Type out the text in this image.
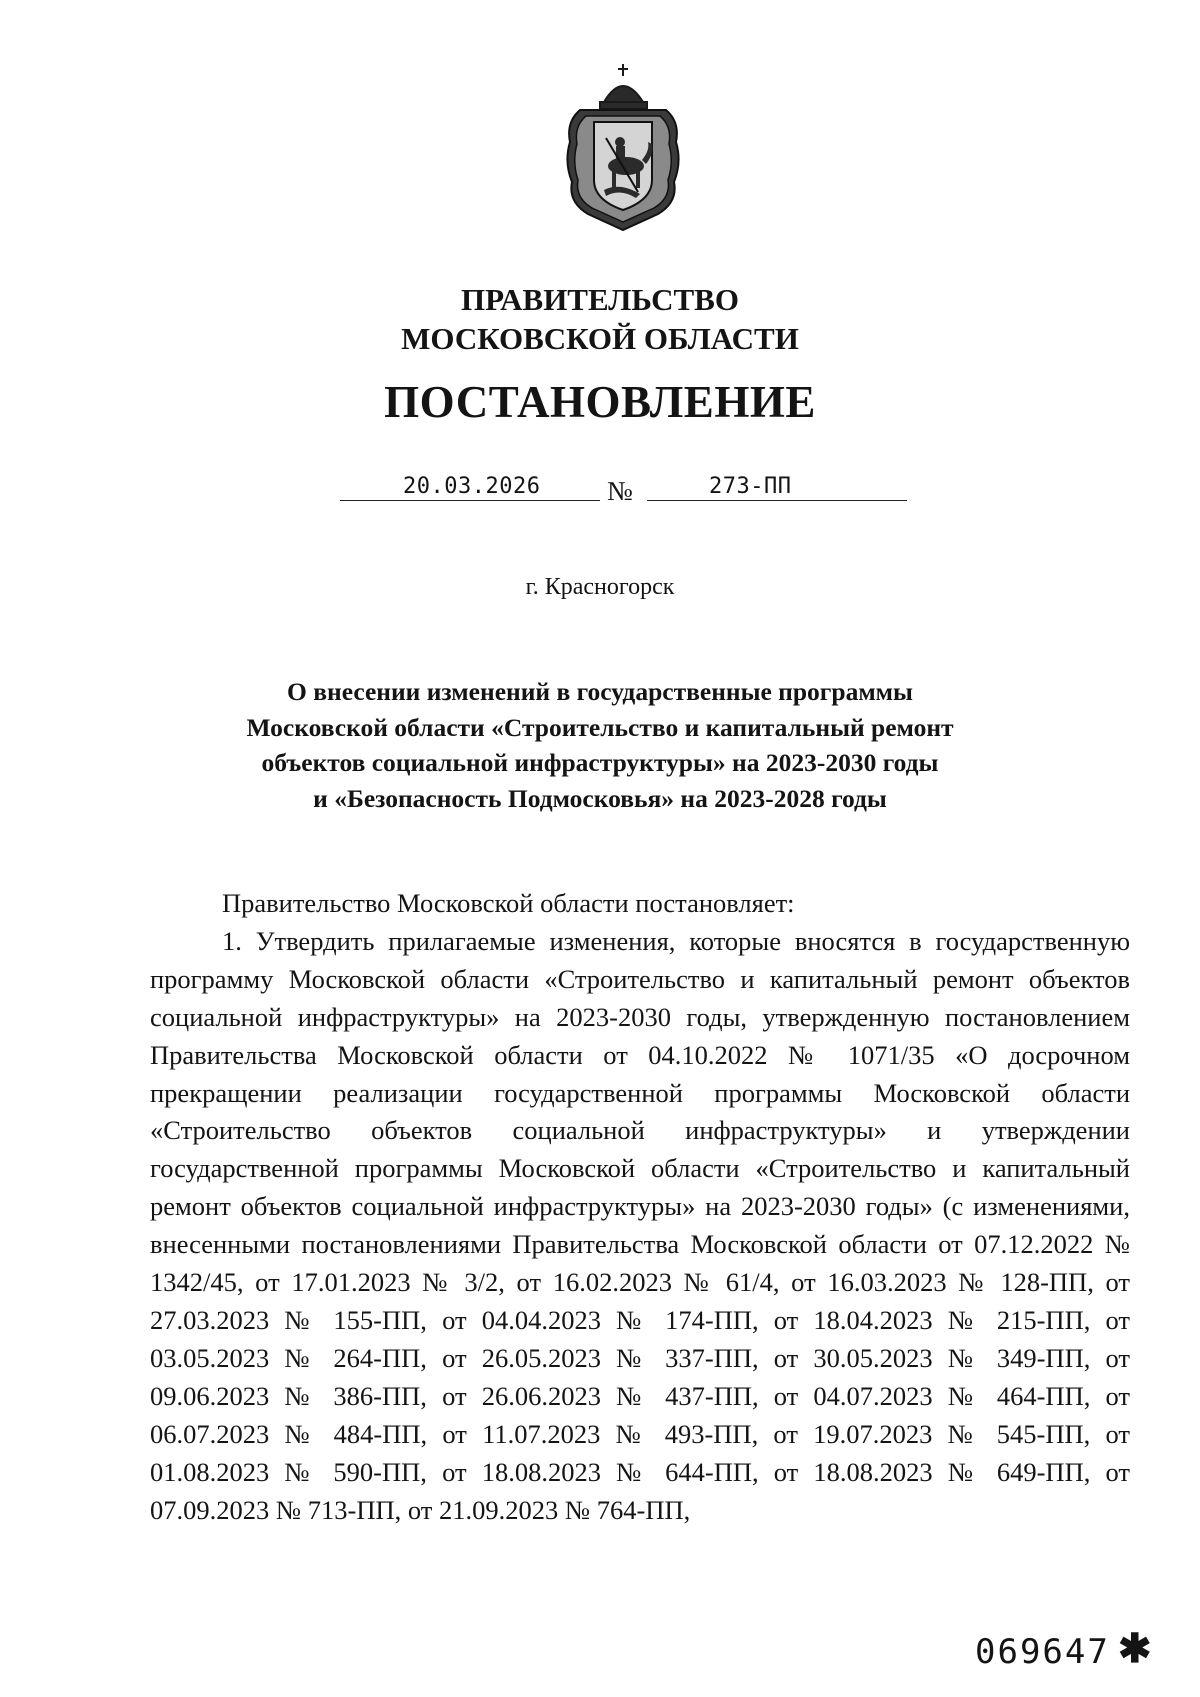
ПРАВИТЕЛЬСТВО
МОСКОВСКОЙ ОБЛАСТИ
ПОСТАНОВЛЕНИЕ
20.03.2026 №	273-ПП
г. Красногорск
О внесении изменений в государственные программы
Московской области «Строительство и капитальный ремонт
объектов социальной инфраструктуры» на 2023-2030 годы
и «Безопасность Подмосковья» на 2023-2028 годы

Правительство Московской области постановляет:

1. Утвердить прилагаемые изменения, которые вносятся в государственную программу Московской области «Строительство и капитальный ремонт объектов социальной инфраструктуры» на 2023-2030 годы, утвержденную постановлением Правительства Московской области от 04.10.2022 № 1071/35 «О досрочном прекращении реализации государственной программы Московской области «Строительство объектов социальной инфраструктуры» и утверждении государственной программы Московской области «Строительство и капитальный ремонт объектов социальной инфраструктуры» на 2023-2030 годы» (с изменениями, внесенными постановлениями Правительства Московской области от 07.12.2022 № 1342/45, от 17.01.2023 № 3/2, от 16.02.2023 № 61/4, от 16.03.2023 № 128-ПП, от 27.03.2023 № 155-ПП, от 04.04.2023 № 174-ПП, от 18.04.2023 № 215-ПП, от 03.05.2023 № 264-ПП, от 26.05.2023 № 337-ПП, от 30.05.2023 № 349-ПП, от 09.06.2023 № 386-ПП, от 26.06.2023 № 437-ПП, от 04.07.2023 № 464-ПП, от 06.07.2023 № 484-ПП, от 11.07.2023 № 493-ПП, от 19.07.2023 № 545-ПП, от 01.08.2023 № 590-ПП, от 18.08.2023 № 644-ПП, от 18.08.2023 № 649-ПП, от 07.09.2023 № 713-ПП, от 21.09.2023 № 764-ПП,

069647 ✱
